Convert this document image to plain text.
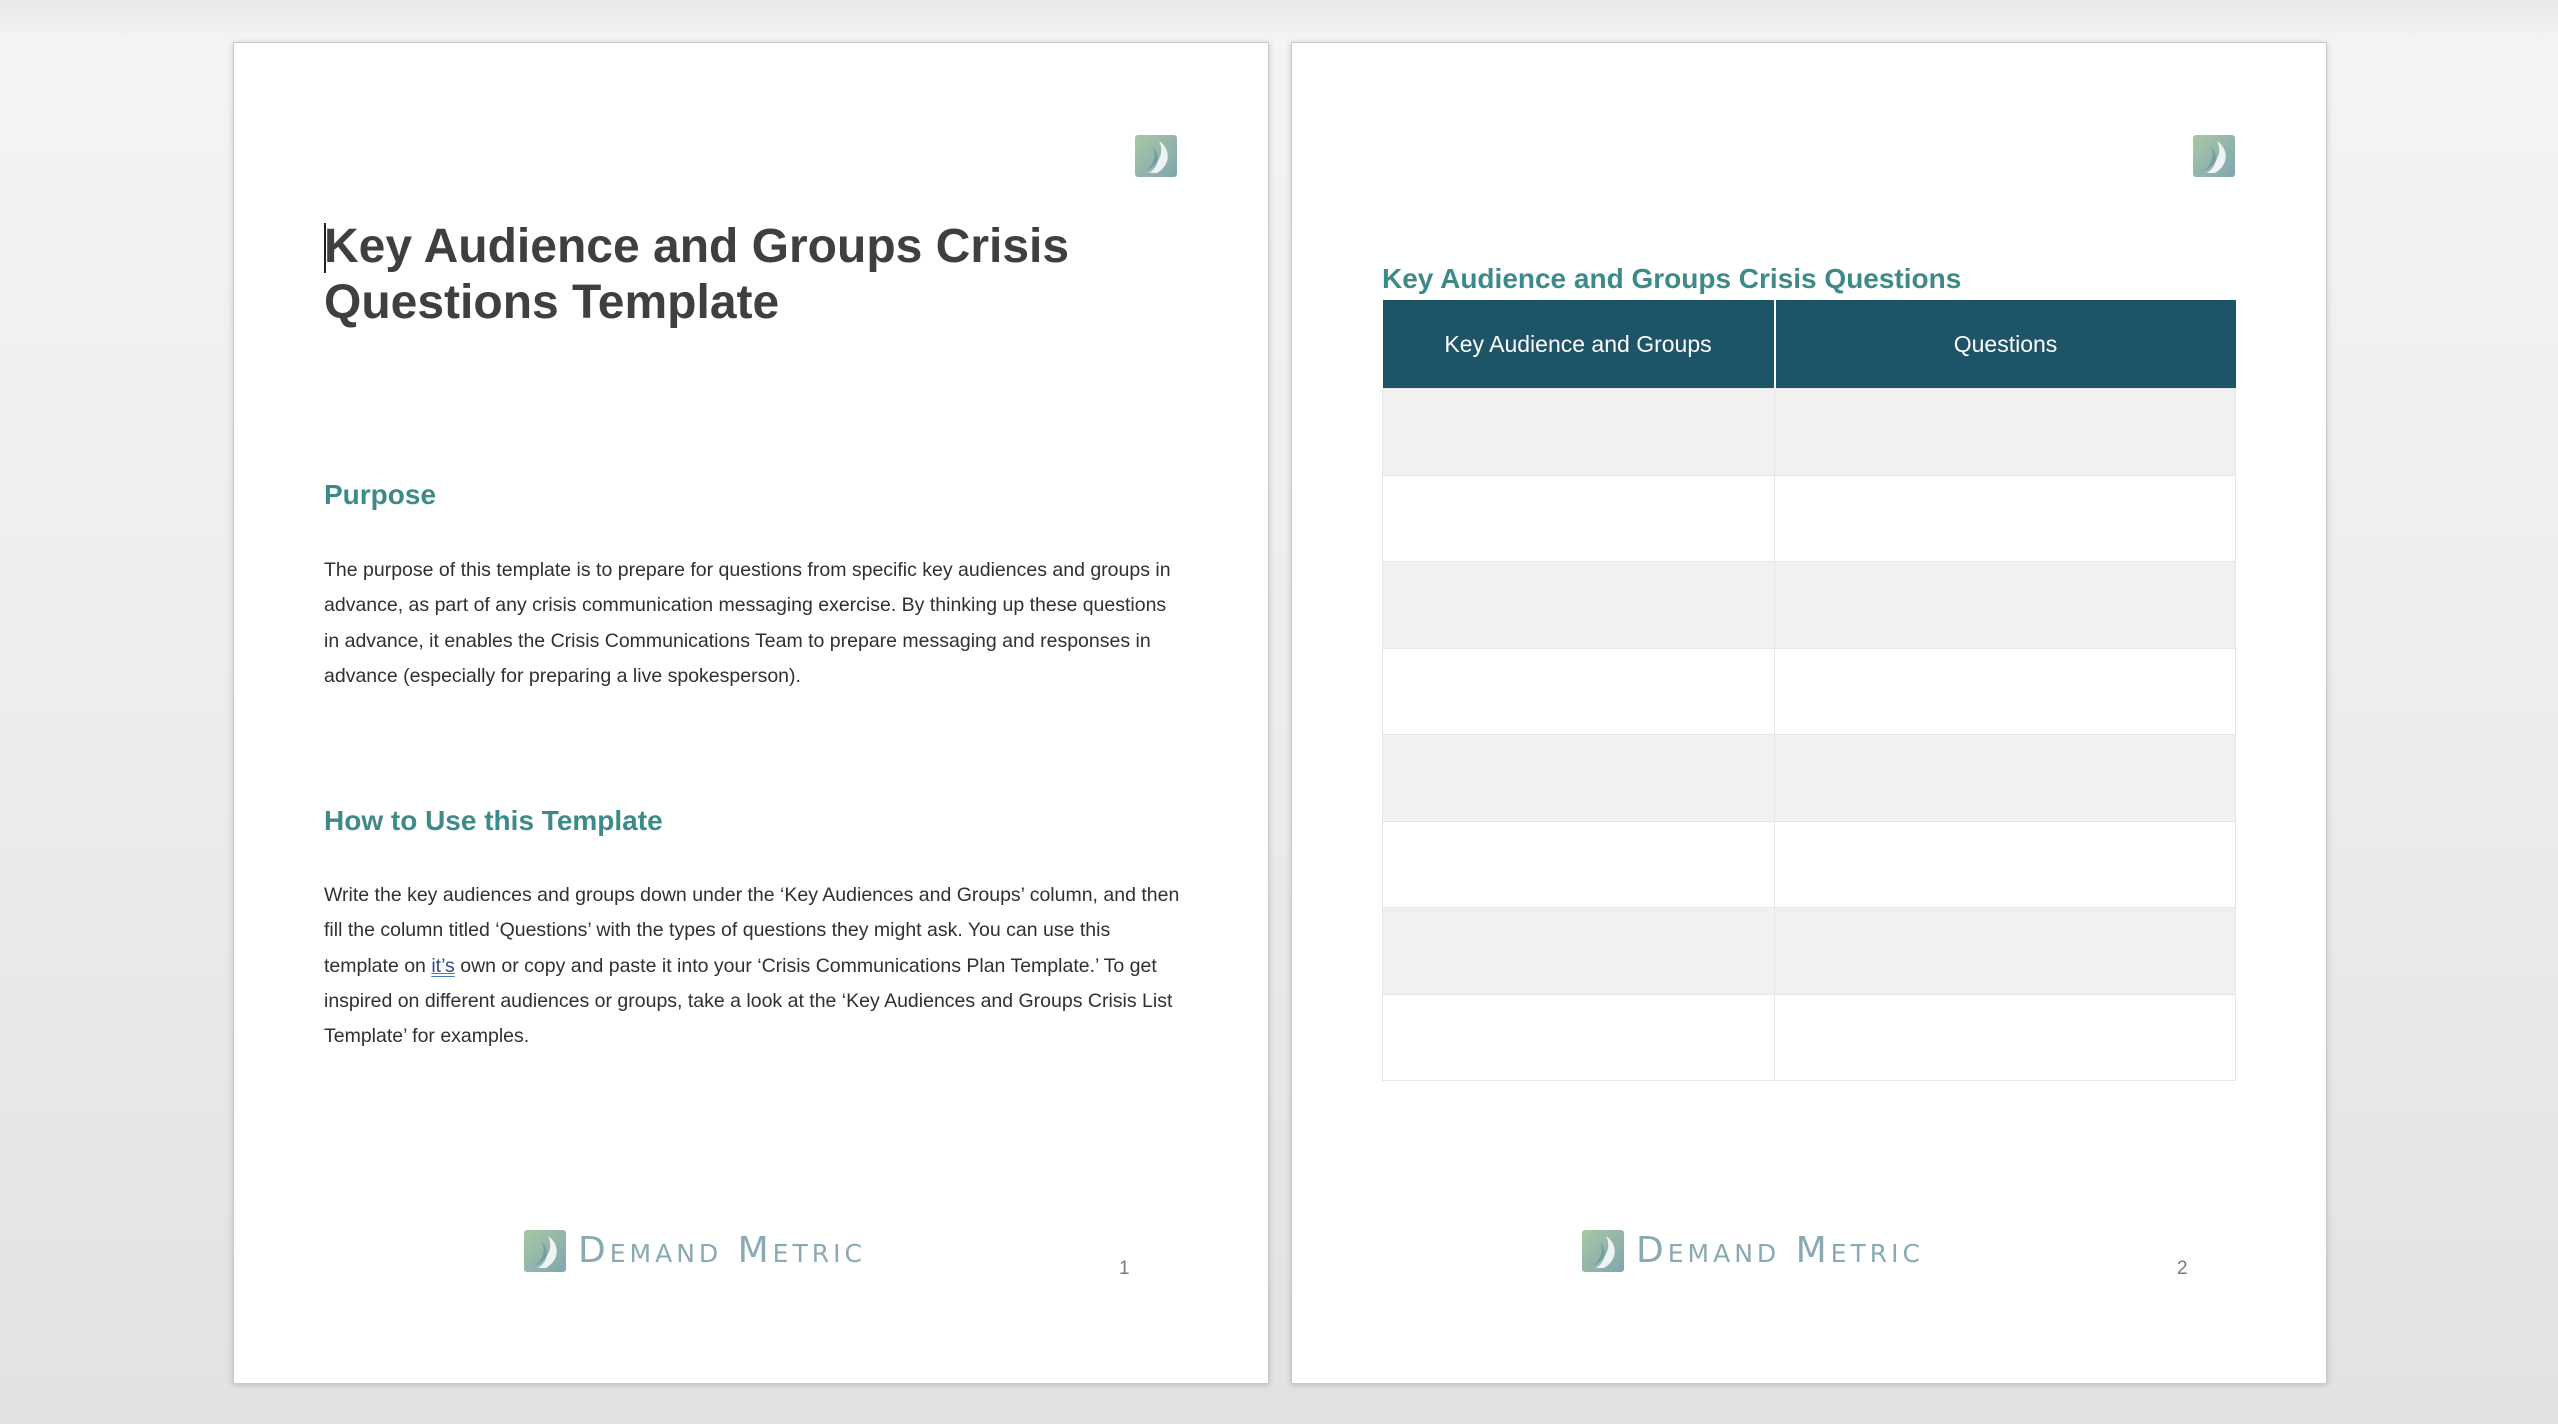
Key Audience and Groups Crisis Questions Template
Purpose

The purpose of this template is to prepare for questions from specific key audiences and groups in advance, as part of any crisis communication messaging exercise. By thinking up these questions in advance, it enables the Crisis Communications Team to prepare messaging and responses in advance (especially for preparing a live spokesperson).

How to Use this Template

Write the key audiences and groups down under the ‘Key Audiences and Groups’ column, and then fill the column titled ‘Questions’ with the types of questions they might ask. You can use this template on it’s own or copy and paste it into your ‘Crisis Communications Plan Template.’ To get inspired on different audiences or groups, take a look at the ‘Key Audiences and Groups Crisis List Template’ for examples.

Demand Metric	1
Key Audience and Groups Crisis Questions
Key Audience and Groups	Questions

Demand Metric	2
